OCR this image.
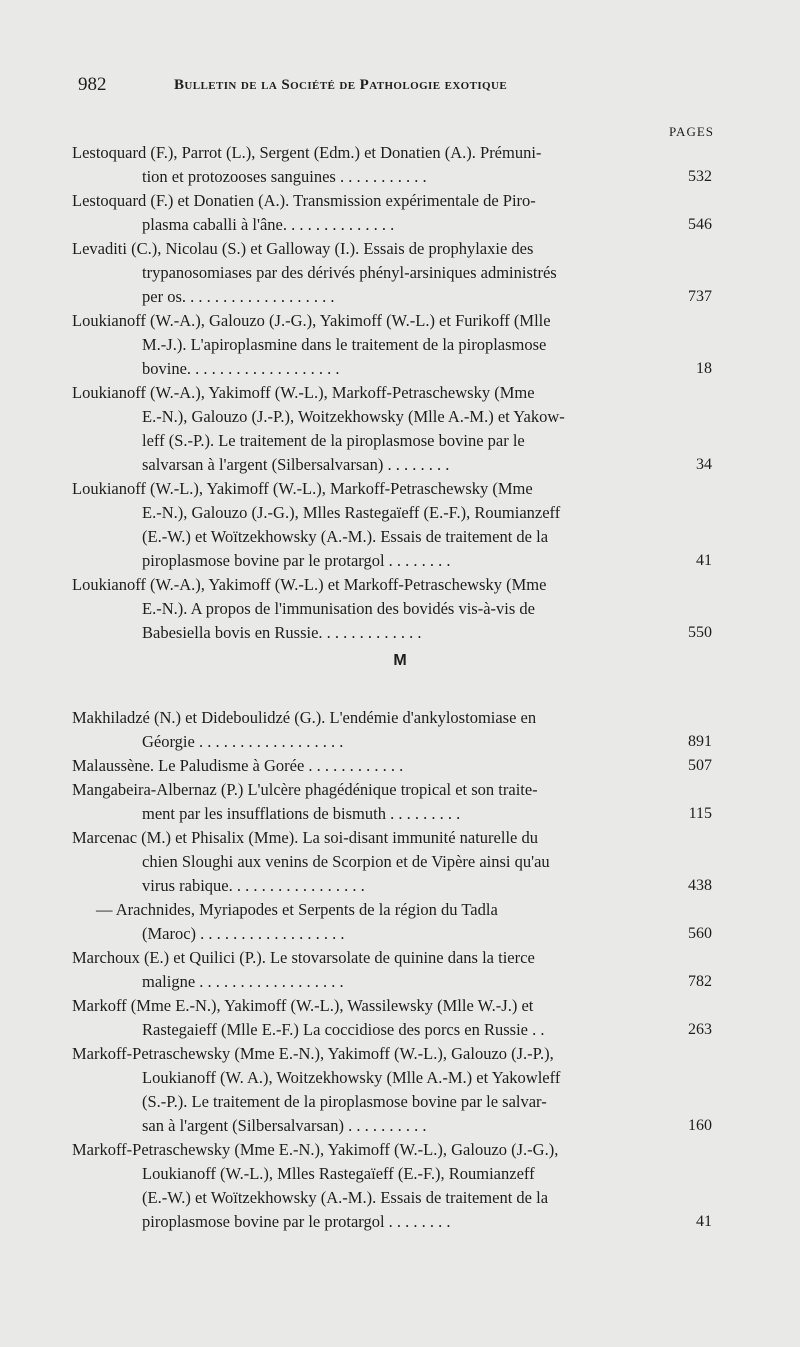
982	Bulletin de la Société de Pathologie exotique
PAGES
Lestoquard (F.), Parrot (L.), Sergent (Edm.) et Donatien (A.). Prémuni-
tion et protozooses sanguines . . . . . . . . . . .	532
Lestoquard (F.) et Donatien (A.). Transmission expérimentale de Piro-
plasma caballi à l'âne. . . . . . . . . . . . . .	546
Levaditi (C.), Nicolau (S.) et Galloway (I.). Essais de prophylaxie des
trypanosomiases par des dérivés phényl-arsiniques administrés
per os. . . . . . . . . . . . . . . . . . .	737
Loukianoff (W.-A.), Galouzo (J.-G.), Yakimoff (W.-L.) et Furikoff (Mlle
M.-J.). L'apiroplasmine dans le traitement de la piroplasmose
bovine. . . . . . . . . . . . . . . . . . .	18
Loukianoff (W.-A.), Yakimoff (W.-L.), Markoff-Petraschewsky (Mme
E.-N.), Galouzo (J.-P.), Woitzekhowsky (Mlle A.-M.) et Yakow-
leff (S.-P.). Le traitement de la piroplasmose bovine par le
salvarsan à l'argent (Silbersalvarsan) . . . . . . . .	34
Loukianoff (W.-L.), Yakimoff (W.-L.), Markoff-Petraschewsky (Mme
E.-N.), Galouzo (J.-G.), Mlles Rastegaïeff (E.-F.), Roumianzeff
(E.-W.) et Woïtzekhowsky (A.-M.). Essais de traitement de la
piroplasmose bovine par le protargol . . . . . . . .	41
Loukianoff (W.-A.), Yakimoff (W.-L.) et Markoff-Petraschewsky (Mme
E.-N.). A propos de l'immunisation des bovidés vis-à-vis de
Babesiella bovis en Russie. . . . . . . . . . . . .	550
M
Makhiladzé (N.) et Dideboulidzé (G.). L'endémie d'ankylostomiase en
Géorgie . . . . . . . . . . . . . . . . . .	891
Malaussène. Le Paludisme à Gorée . . . . . . . . . . . .	507
Mangabeira-Albernaz (P.) L'ulcère phagédénique tropical et son traite-
ment par les insufflations de bismuth . . . . . . . . .	115
Marcenac (M.) et Phisalix (Mme). La soi-disant immunité naturelle du
chien Sloughi aux venins de Scorpion et de Vipère ainsi qu'au
virus rabique. . . . . . . . . . . . . . . . .	438
— Arachnides, Myriapodes et Serpents de la région du Tadla
(Maroc) . . . . . . . . . . . . . . . . . .	560
Marchoux (E.) et Quilici (P.). Le stovarsolate de quinine dans la tierce
maligne . . . . . . . . . . . . . . . . . .	782
Markoff (Mme E.-N.), Yakimoff (W.-L.), Wassilewsky (Mlle W.-J.) et
Rastegaieff (Mlle E.-F.) La coccidiose des porcs en Russie . .	263
Markoff-Petraschewsky (Mme E.-N.), Yakimoff (W.-L.), Galouzo (J.-P.),
Loukianoff (W. A.), Woitzekhowsky (Mlle A.-M.) et Yakowleff
(S.-P.). Le traitement de la piroplasmose bovine par le salvar-
san à l'argent (Silbersalvarsan) . . . . . . . . . .	160
Markoff-Petraschewsky (Mme E.-N.), Yakimoff (W.-L.), Galouzo (J.-G.),
Loukianoff (W.-L.), Mlles Rastegaïeff (E.-F.), Roumianzeff
(E.-W.) et Woïtzekhowsky (A.-M.). Essais de traitement de la
piroplasmose bovine par le protargol . . . . . . . .	41
